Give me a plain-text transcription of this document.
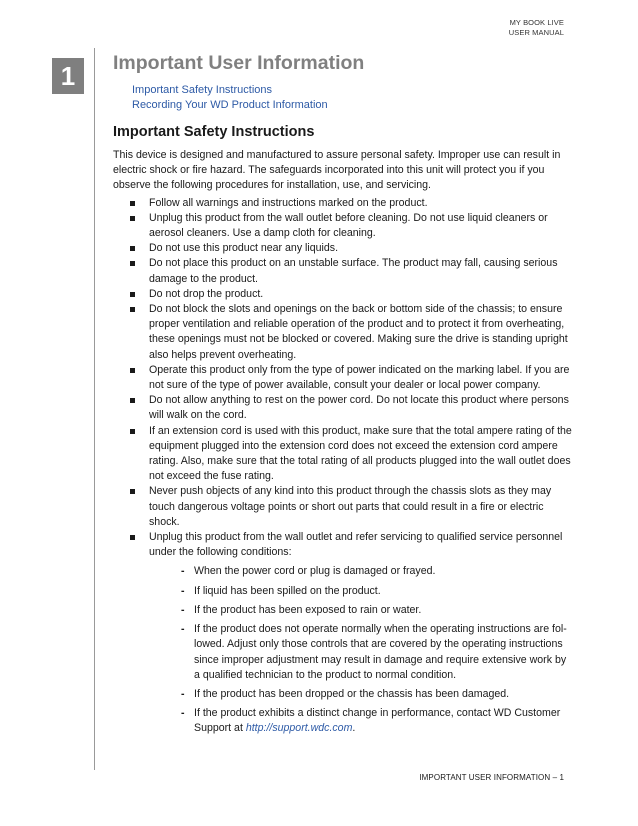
MY BOOK LIVE
USER MANUAL
1	Important User Information
Important Safety Instructions
Recording Your WD Product Information
Important Safety Instructions

This device is designed and manufactured to assure personal safety. Improper use can result in electric shock or fire hazard. The safeguards incorporated into this unit will protect you if you observe the following procedures for installation, use, and servicing.

Follow all warnings and instructions marked on the product.
Unplug this product from the wall outlet before cleaning. Do not use liquid cleaners or aerosol cleaners. Use a damp cloth for cleaning.
Do not use this product near any liquids.
Do not place this product on an unstable surface. The product may fall, causing serious damage to the product.
Do not drop the product.
Do not block the slots and openings on the back or bottom side of the chassis; to ensure proper ventilation and reliable operation of the product and to protect it from overheating, these openings must not be blocked or covered. Making sure the drive is standing upright also helps prevent overheating.
Operate this product only from the type of power indicated on the marking label. If you are not sure of the type of power available, consult your dealer or local power company.
Do not allow anything to rest on the power cord. Do not locate this product where persons will walk on the cord.
If an extension cord is used with this product, make sure that the total ampere rating of the equipment plugged into the extension cord does not exceed the extension cord ampere rating. Also, make sure that the total rating of all products plugged into the wall outlet does not exceed the fuse rating.
Never push objects of any kind into this product through the chassis slots as they may touch dangerous voltage points or short out parts that could result in a fire or electric shock.
Unplug this product from the wall outlet and refer servicing to qualified service personnel under the following conditions:
- When the power cord or plug is damaged or frayed.
- If liquid has been spilled on the product.
- If the product has been exposed to rain or water.
- If the product does not operate normally when the operating instructions are fol-lowed. Adjust only those controls that are covered by the operating instructions since improper adjustment may result in damage and require extensive work by a qualified technician to the product to normal condition.
- If the product has been dropped or the chassis has been damaged.
- If the product exhibits a distinct change in performance, contact WD Customer Support at http://support.wdc.com.
IMPORTANT USER INFORMATION – 1
